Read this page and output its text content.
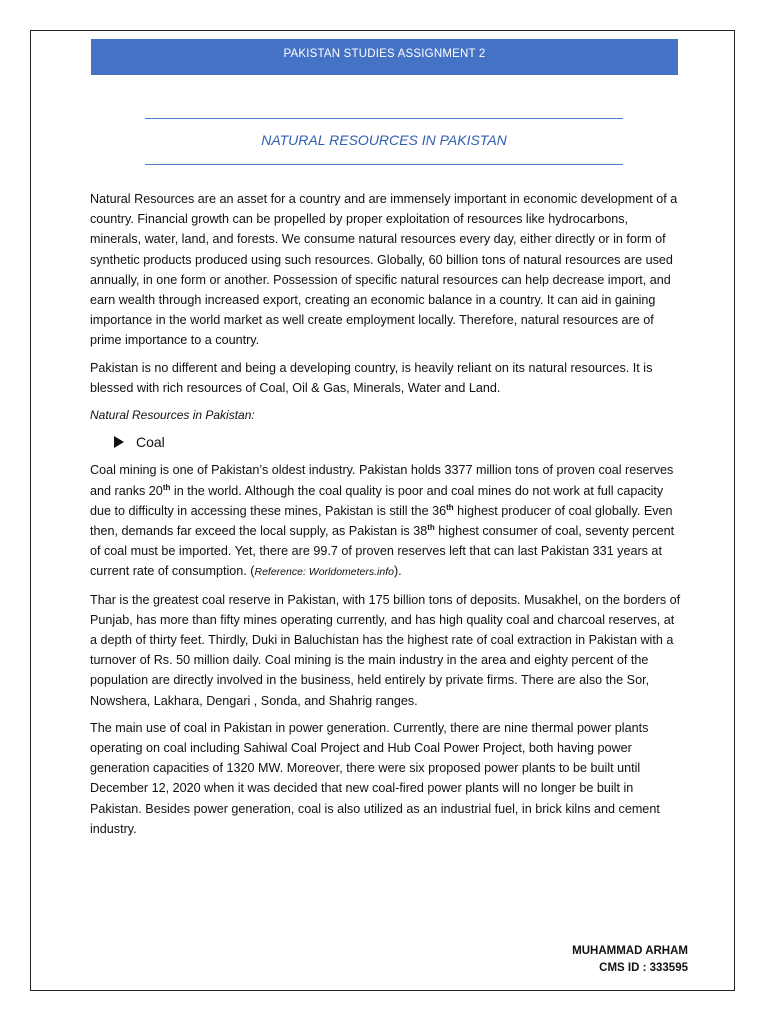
PAKISTAN STUDIES ASSIGNMENT 2
NATURAL RESOURCES IN PAKISTAN

Natural Resources are an asset for a country and are immensely important in economic development of a country. Financial growth can be propelled by proper exploitation of resources like hydrocarbons, minerals, water, land, and forests. We consume natural resources every day, either directly or in form of synthetic products produced using such resources. Globally, 60 billion tons of natural resources are used annually, in one form or another. Possession of specific natural resources can help decrease import, and earn wealth through increased export, creating an economic balance in a country. It can aid in gaining importance in the world market as well create employment locally. Therefore, natural resources are of prime importance to a country.

Pakistan is no different and being a developing country, is heavily reliant on its natural resources. It is blessed with rich resources of Coal, Oil & Gas, Minerals, Water and Land.

Natural Resources in Pakistan:

Coal

Coal mining is one of Pakistan’s oldest industry. Pakistan holds 3377 million tons of proven coal reserves and ranks 20th in the world. Although the coal quality is poor and coal mines do not work at full capacity due to difficulty in accessing these mines, Pakistan is still the 36th highest producer of coal globally. Even then, demands far exceed the local supply, as Pakistan is 38th highest consumer of coal, seventy percent of coal must be imported. Yet, there are 99.7 of proven reserves left that can last Pakistan 331 years at current rate of consumption. (Reference: Worldometers.info).

Thar is the greatest coal reserve in Pakistan, with 175 billion tons of deposits. Musakhel, on the borders of Punjab, has more than fifty mines operating currently, and has high quality coal and charcoal reserves, at a depth of thirty feet. Thirdly, Duki in Baluchistan has the highest rate of coal extraction in Pakistan with a turnover of Rs. 50 million daily. Coal mining is the main industry in the area and eighty percent of the population are directly involved in the business, held entirely by private firms. There are also the Sor, Nowshera, Lakhara, Dengari , Sonda, and Shahrig ranges.

The main use of coal in Pakistan in power generation. Currently, there are nine thermal power plants operating on coal including Sahiwal Coal Project and Hub Coal Power Project, both having power generation capacities of 1320 MW. Moreover, there were six proposed power plants to be built until December 12, 2020 when it was decided that new coal-fired power plants will no longer be built in Pakistan. Besides power generation, coal is also utilized as an industrial fuel, in brick kilns and cement industry.

MUHAMMAD ARHAM
CMS ID : 333595
